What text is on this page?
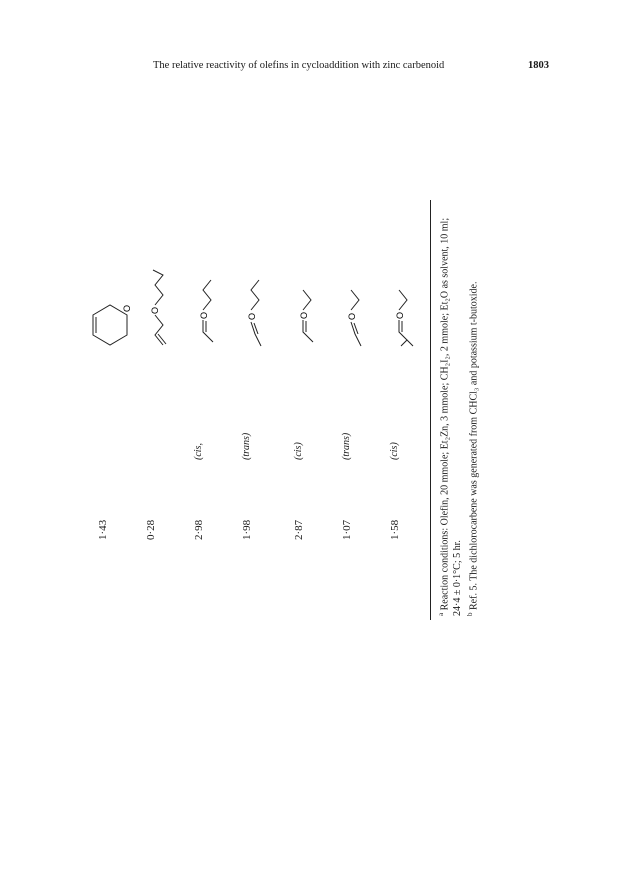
The relative reactivity of olefins in cycloaddition with zinc carbenoid	1803
1·43
O
0·28
O
2·98
(cis,
O
1·98
(trans)
O
2·87
(cis)
O
1·07
(trans)
O
1·58
(cis)
O

$^a$ Reaction conditions: Olefin, 20 mmole; Et₂Zn, 3 mmole; CH₂I₂, 2 mmole; Et₂O as solvent, 10 ml; 24·4 ± 0·1°C; 5 hr. $^b$ Ref. 5. The dichlorocarbene was generated from CHCl₃ and potassium t-butoxide.
